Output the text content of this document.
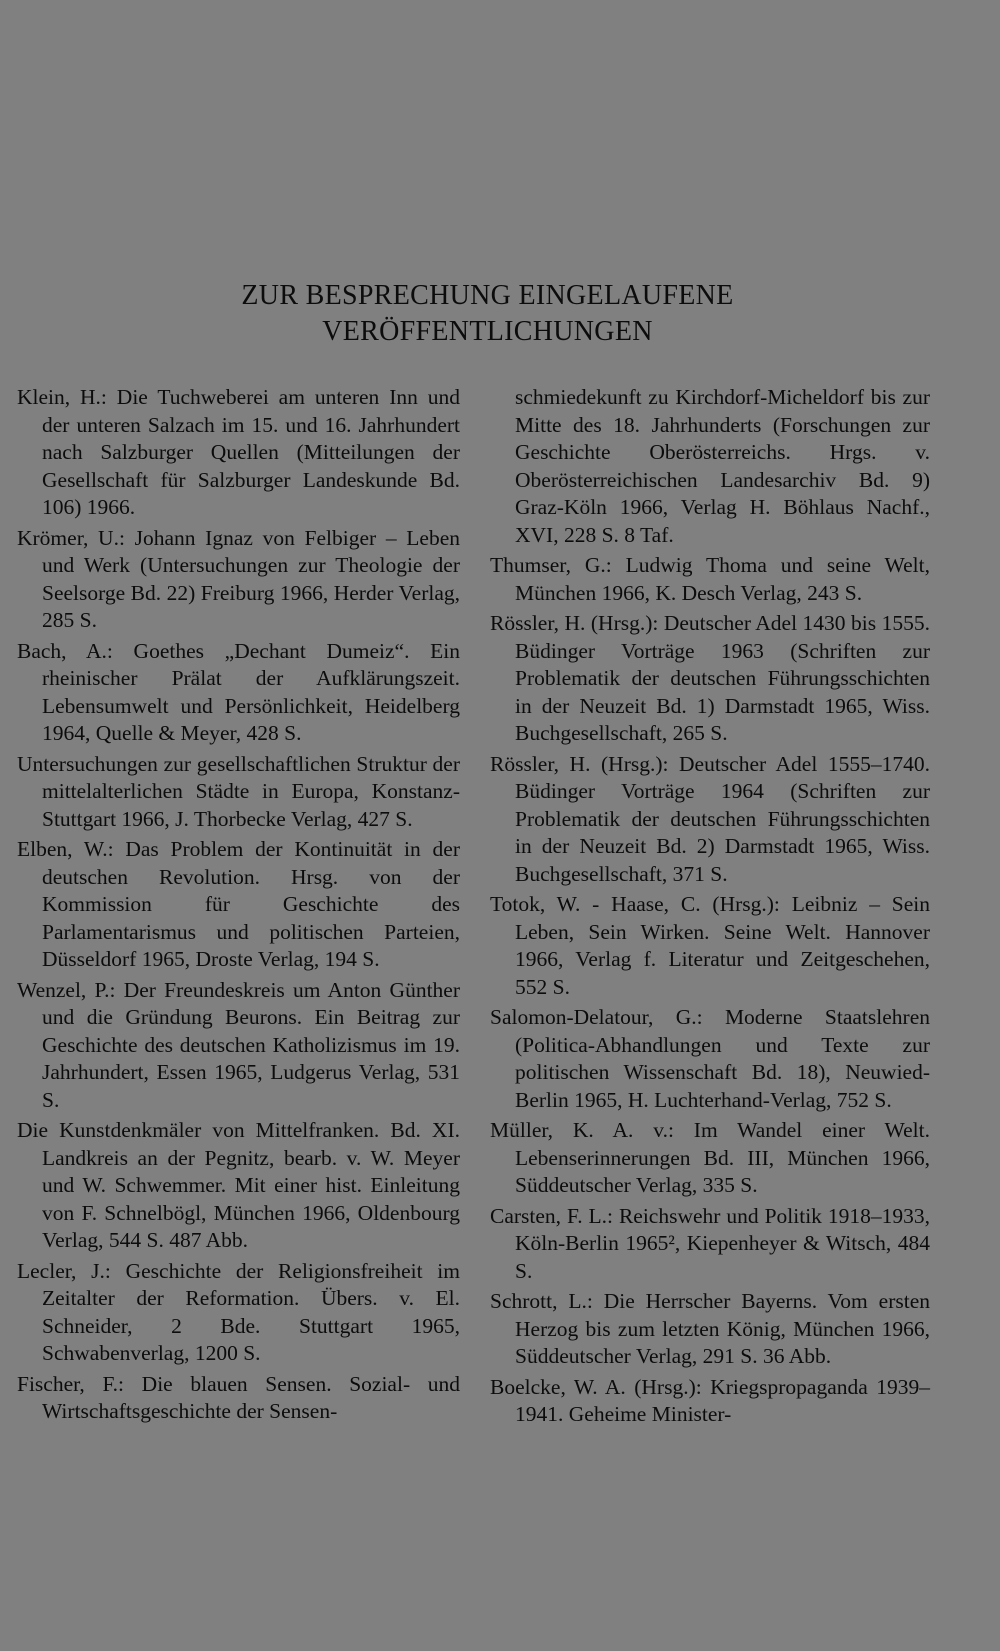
ZUR BESPRECHUNG EINGELAUFENE
VERÖFFENTLICHUNGEN

Klein, H.: Die Tuchweberei am unteren Inn und der unteren Salzach im 15. und 16. Jahrhundert nach Salzburger Quellen (Mitteilungen der Gesellschaft für Salzburger Landeskunde Bd. 106) 1966.

Krömer, U.: Johann Ignaz von Felbiger – Leben und Werk (Untersuchungen zur Theologie der Seelsorge Bd. 22) Freiburg 1966, Herder Verlag, 285 S.

Bach, A.: Goethes „Dechant Dumeiz“. Ein rheinischer Prälat der Aufklärungszeit. Lebensumwelt und Persönlichkeit, Heidelberg 1964, Quelle & Meyer, 428 S.

Untersuchungen zur gesellschaftlichen Struktur der mittelalterlichen Städte in Europa, Konstanz-Stuttgart 1966, J. Thorbecke Verlag, 427 S.

Elben, W.: Das Problem der Kontinuität in der deutschen Revolution. Hrsg. von der Kommission für Geschichte des Parlamentarismus und politischen Parteien, Düsseldorf 1965, Droste Verlag, 194 S.

Wenzel, P.: Der Freundeskreis um Anton Günther und die Gründung Beurons. Ein Beitrag zur Geschichte des deutschen Katholizismus im 19. Jahrhundert, Essen 1965, Ludgerus Verlag, 531 S.

Die Kunstdenkmäler von Mittelfranken. Bd. XI. Landkreis an der Pegnitz, bearb. v. W. Meyer und W. Schwemmer. Mit einer hist. Einleitung von F. Schnelbögl, München 1966, Oldenbourg Verlag, 544 S. 487 Abb.

Lecler, J.: Geschichte der Religionsfreiheit im Zeitalter der Reformation. Übers. v. El. Schneider, 2 Bde. Stuttgart 1965, Schwabenverlag, 1200 S.

Fischer, F.: Die blauen Sensen. Sozial- und Wirtschaftsgeschichte der Sensen-

schmiedekunft zu Kirchdorf-Micheldorf bis zur Mitte des 18. Jahrhunderts (Forschungen zur Geschichte Oberösterreichs. Hrgs. v. Oberösterreichischen Landesarchiv Bd. 9) Graz-Köln 1966, Verlag H. Böhlaus Nachf., XVI, 228 S. 8 Taf.

Thumser, G.: Ludwig Thoma und seine Welt, München 1966, K. Desch Verlag, 243 S.

Rössler, H. (Hrsg.): Deutscher Adel 1430 bis 1555. Büdinger Vorträge 1963 (Schriften zur Problematik der deutschen Führungsschichten in der Neuzeit Bd. 1) Darmstadt 1965, Wiss. Buchgesellschaft, 265 S.

Rössler, H. (Hrsg.): Deutscher Adel 1555–1740. Büdinger Vorträge 1964 (Schriften zur Problematik der deutschen Führungsschichten in der Neuzeit Bd. 2) Darmstadt 1965, Wiss. Buchgesellschaft, 371 S.

Totok, W. - Haase, C. (Hrsg.): Leibniz – Sein Leben, Sein Wirken. Seine Welt. Hannover 1966, Verlag f. Literatur und Zeitgeschehen, 552 S.

Salomon-Delatour, G.: Moderne Staatslehren (Politica-Abhandlungen und Texte zur politischen Wissenschaft Bd. 18), Neuwied-Berlin 1965, H. Luchterhand-Verlag, 752 S.

Müller, K. A. v.: Im Wandel einer Welt. Lebenserinnerungen Bd. III, München 1966, Süddeutscher Verlag, 335 S.

Carsten, F. L.: Reichswehr und Politik 1918–1933, Köln-Berlin 1965², Kiepenheyer & Witsch, 484 S.

Schrott, L.: Die Herrscher Bayerns. Vom ersten Herzog bis zum letzten König, München 1966, Süddeutscher Verlag, 291 S. 36 Abb.

Boelcke, W. A. (Hrsg.): Kriegspropaganda 1939–1941. Geheime Minister-
